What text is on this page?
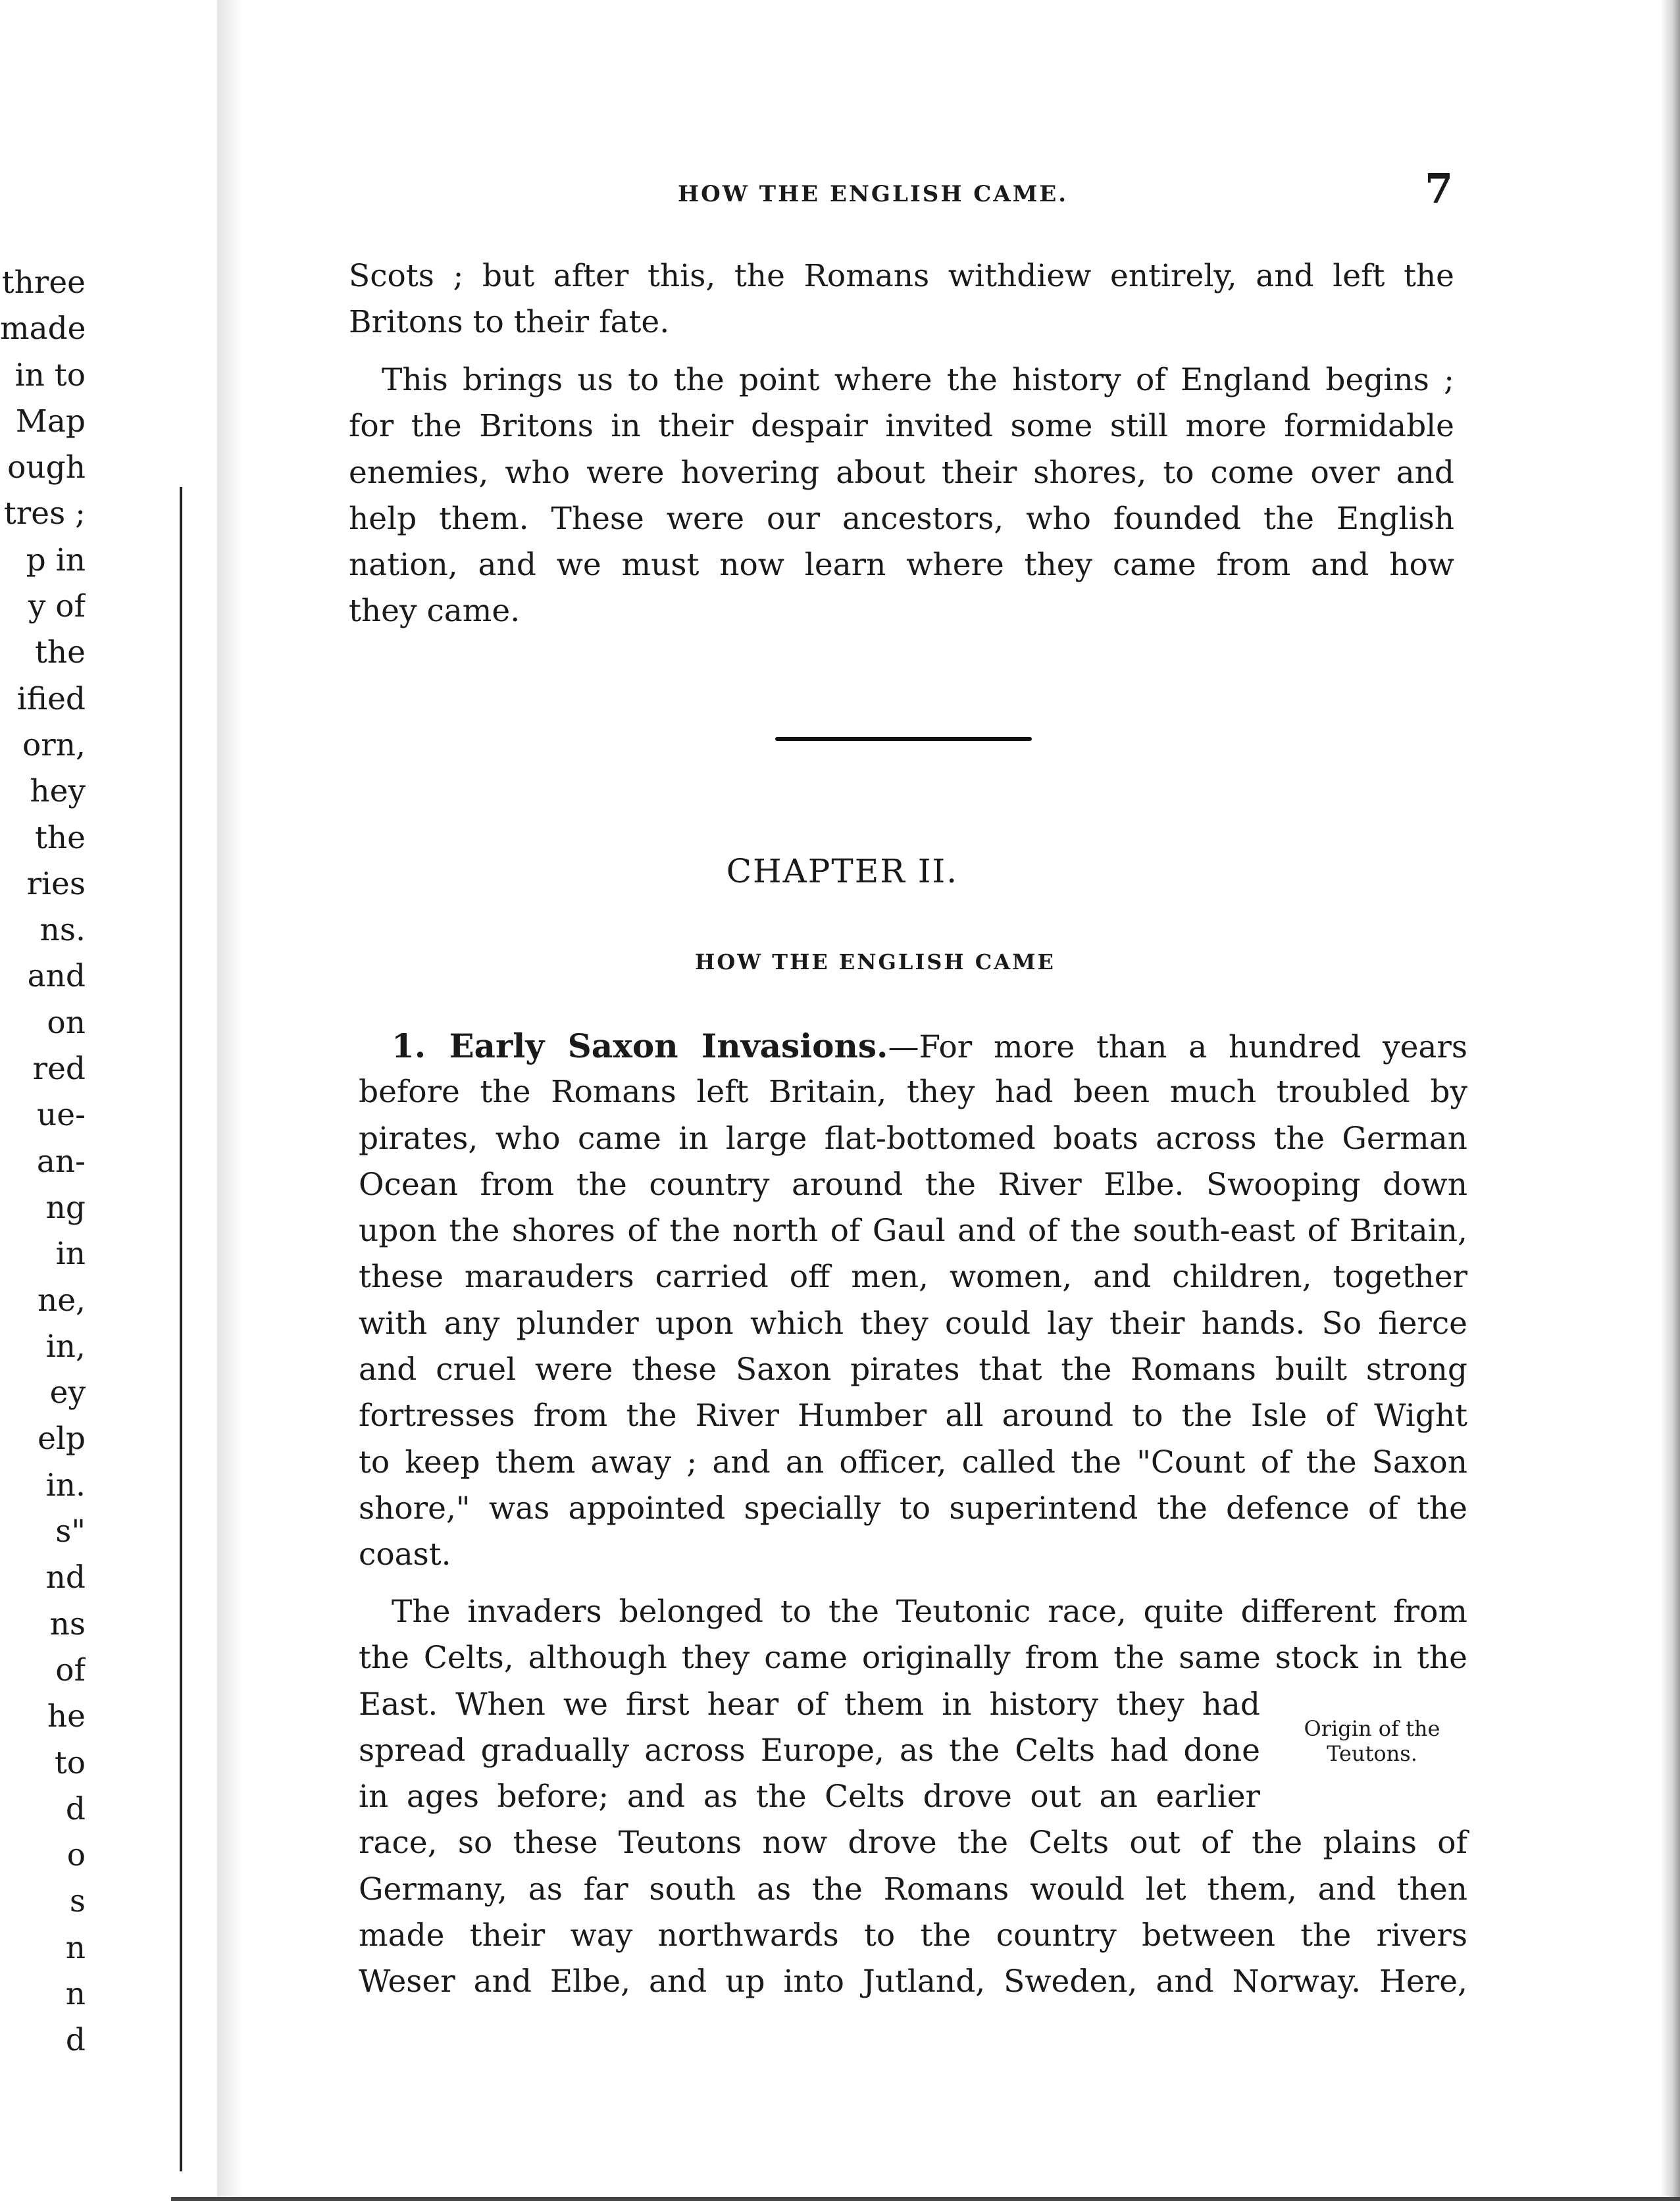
three
made
in to
Map
ough
tres ;
p in
y of
the
ified
orn,
hey
the
ries
ns.
and
on
red
ue-
an-
ng
in
ne,
in,
ey
elp
in.
s"
nd
ns
of
he
to
d
o
s
n
n
d
HOW THE ENGLISH CAME.	7
Scots ; but after this, the Romans withdiew entirely, and left the
Britons to their fate.
This brings us to the point where the history of England begins ;
for the Britons in their despair invited some still more formidable
enemies, who were hovering about their shores, to come over and
help them. These were our ancestors, who founded the English
nation, and we must now learn where they came from and how
they came.
CHAPTER II.
HOW THE ENGLISH CAME
1. Early Saxon Invasions.—For more than a hundred years
before the Romans left Britain, they had been much troubled by
pirates, who came in large flat-bottomed boats across the German
Ocean from the country around the River Elbe. Swooping down
upon the shores of the north of Gaul and of the south-east of Britain,
these marauders carried off men, women, and children, together
with any plunder upon which they could lay their hands. So fierce
and cruel were these Saxon pirates that the Romans built strong
fortresses from the River Humber all around to the Isle of Wight
to keep them away ; and an officer, called the "Count of the Saxon
shore," was appointed specially to superintend the defence of the
coast.
The invaders belonged to the Teutonic race, quite different from
the Celts, although they came originally from the same stock in the
East. When we first hear of them in history they had
spread gradually across Europe, as the Celts had done
in ages before; and as the Celts drove out an earlier
race, so these Teutons now drove the Celts out of the plains of
Germany, as far south as the Romans would let them, and then
made their way northwards to the country between the rivers
Weser and Elbe, and up into Jutland, Sweden, and Norway. Here,
Origin of the
Teutons.
